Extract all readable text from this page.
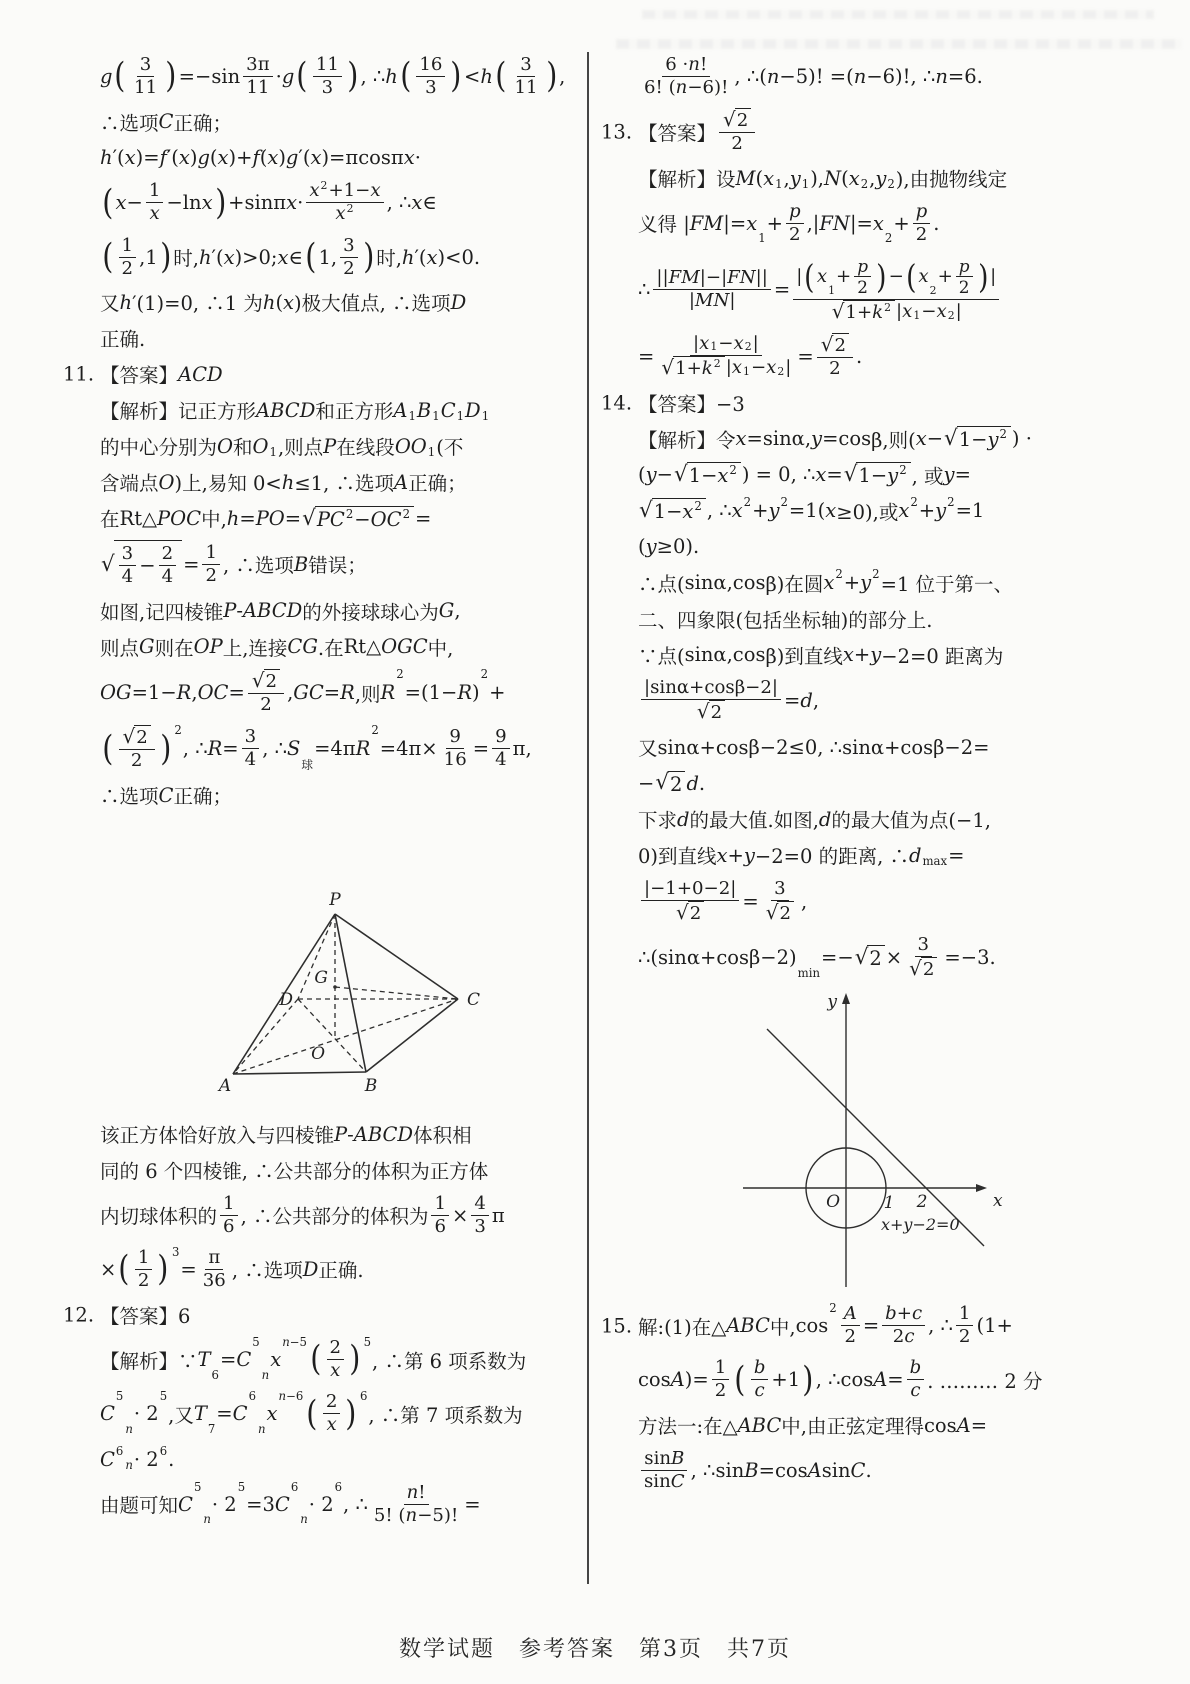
g ( $\frac{3}{11}$ ) =− $\sin \frac{3\pi}{11} \cdot g$ ( $\frac{11}{3}$ ) , ∴ h ( $\frac{16}{3}$ ) < h ( $\frac{3}{11}$ ) ,
∴选项 C 正确；
h ′( x )= f ′( x ) g ( x )+ f ( x ) g ′( x )=π cos π x ·
( $x - \frac{1}{x} - \ln x$ ) + sin π $x \cdot \frac{x 2 +1- x}{x 2}$ , ∴ x ∈
( $\frac{1}{2} ,1$ ) 时, h ′( x )>0; x ∈ ( 1, $\frac{3}{2}$ ) 时, h ′( x )<0.
又 h ′(1)=0, ∴1 为 h ( x )极大值点, ∴选项 D
正确.
11. 【答案】 ACD
【解析】记正方形 ABCD 和正方形 A 1 B 1 C 1 D 1
的中心分别为 O 和 O 1 ,则点 P 在线段 OO 1 (不
含端点 O )上,易知 0< h ≤1, ∴选项 A 正确；
在 Rt △ POC 中, h = PO = √ PC 2 − OC 2 =
√ $\frac{3}{4} - \frac{2}{4} = \frac{1}{2}$ , ∴选项 B 错误；
如图,记四棱锥 P - ABCD 的外接球球心为 G ,
则点 G 则在 OP 上,连接 CG .在 Rt △ OGC 中,
OG =1− R , OC = $\frac{√ 2}{2}$ , GC = R ,则 R
2
=(1− R )
2
+
( $\frac{√ 2}{2}$ ) 2
, ∴ $R = \frac{3}{4}$ , ∴ S
球
=4π R
2
$=4\pi\times \frac{9}{16} = \frac{9}{4} \pi$,
∴选项 C 正确；
P
A	B
C
D
O
G
该正方体恰好放入与四棱锥 P - ABCD 体积相
同的 6 个四棱锥, ∴公共部分的体积为正方体
内切球体积的 $\frac{1}{6}$ , ∴公共部分的体积为 $\frac{1}{6} \times \frac{4}{3}$ π
× ( $\frac{1}{2}$ ) 3
= $\frac{\pi}{36}$ , ∴选项 D 正确.
12. 【答案】6
【解析】∵ T
6
= C
5
n
x
n−5 ( $\frac{2}{x}$ ) 5
, ∴第 6 项系数为
C
5
n
· 2
5
,又 T
7
= C
6
n
x
n−6 ( $\frac{2}{x}$ ) 6
, ∴第 7 项系数为
C 6
n · 2 6 .
由题可知 C
5
n
· 2
5
=3 C
6
n
· 2
6
, ∴ $\frac{n !}{5! ( n -5)!}$ =
$\frac{6 \cdot n !}{6! ( n -6)!}$ , ∴( n −5)! =( n −6)!, ∴ n =6.
13. 【答案】 $\frac{√ 2}{2}$
【解析】设 M ( x 1 , y 1 ), N ( x 2 , y 2 ),由抛物线定
义得 | FM |= x
1
+ $\frac{p}{2}$ ,| FN |= x
2
+ $\frac{p}{2}$ .
∴ $\frac{|| FM |-| FN ||}{| MN |}$ = | ( x
1
+ $\frac{p}{2}$ ) − ( x
2
+ $\frac{p}{2}$ ) |
√ 1+ k 2 | x 1 − x 2 |
= $\frac{| x 1 - x 2 |}{√ 1+ k 2 | x 1 - x 2 |} = \frac{√ 2}{2}$ .
14. 【答案】−3
【解析】令 x = sin α, y = cos β,则( x − √ 1− y 2 ) ·
( y − √ 1− x 2 ) = 0, ∴ x = √ 1− y 2 , 或 y =
√ 1− x 2 , ∴ x 2 + y 2 =1( x ≥0),或 x 2 + y 2 =1
( y ≥0).
∴点( sin α, cos β)在圆 x 2 + y 2 =1 位于第一、
二、四象限(包括坐标轴)的部分上.
∵点( sin α, cos β)到直线 x + y −2=0 距离为
$\frac{\text{| sin α+ cos β−2|}}{√ 2} = d$ ,
又 sin α+ cos β−2≤0, ∴ sin α+ cos β−2=
− √ 2 d .
下求 d 的最大值.如图, d 的最大值为点(−1,
0)到直线 x + y −2=0 的距离, ∴ d max =
$\frac{|-1+0-2|}{√ 2} = \frac{3}{√ 2}$ ,
∴( sin α+ cos β−2)
min
=− √ $2 \times \frac{3}{√ 2} =-3$.
y
x
O	1 2
x+y−2=0
15. 解:(1)在△ ABC 中, cos
$2 \frac{A}{2} = \frac{b + c}{2 c}$ , ∴ $\frac{1}{2} (1+$
cos A )= $\frac{1}{2}$ ( $\frac{b}{c} +1$ ) , ∴ $\cos A = \frac{b}{c}$ . ……… 2 分
方法一:在△ ABC 中,由正弦定理得 cos A =
$\frac{\text{sin B}}{\text{sin C}}$ , ∴ sin B = cos A sin C .
数学试题　参考答案　第3页　共7页
